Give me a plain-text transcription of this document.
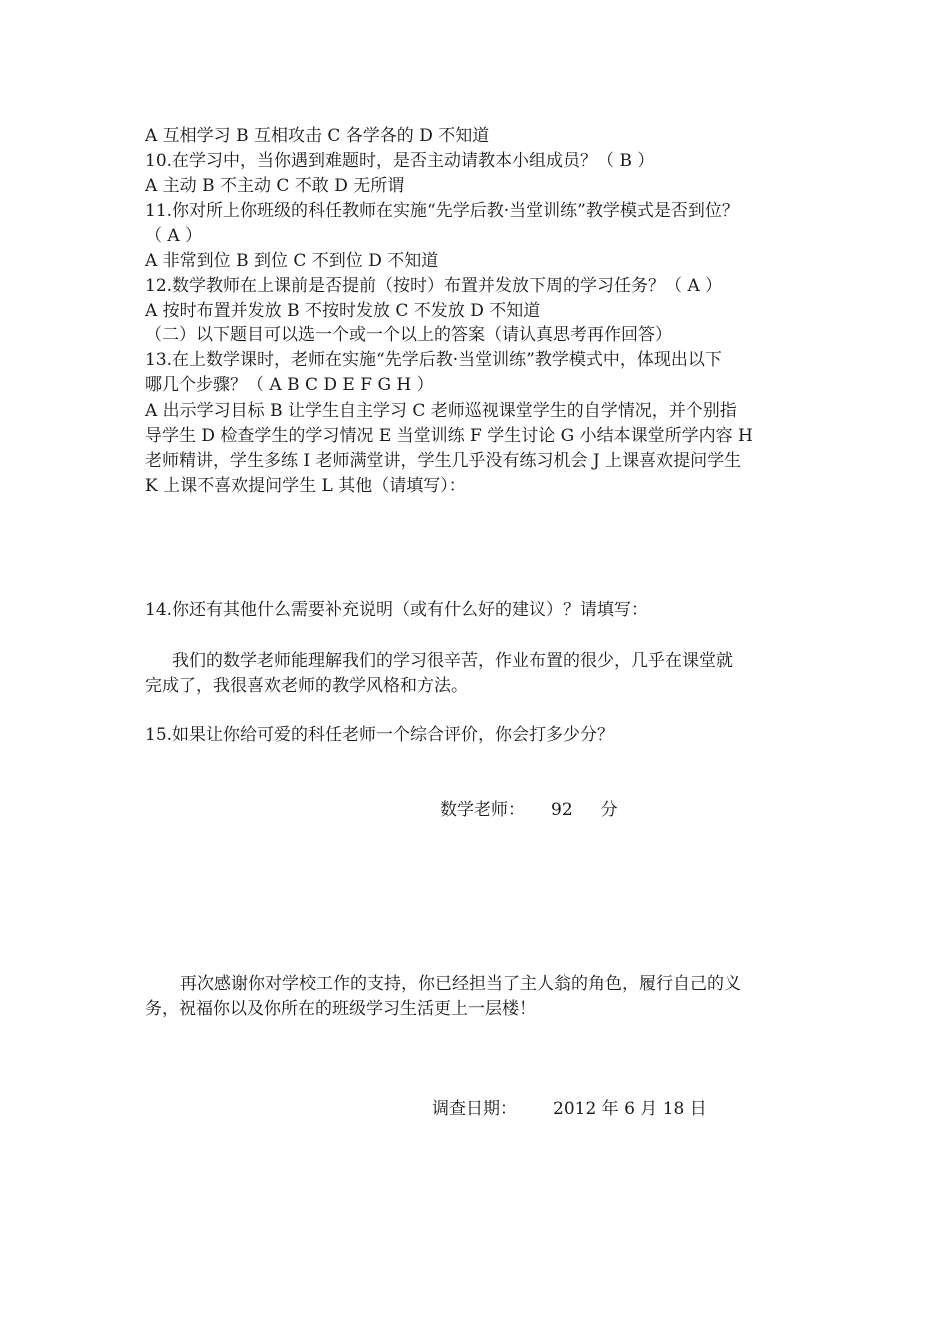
A 互相学习 B 互相攻击 C 各学各的 D 不知道
10.在学习中，当你遇到难题时，是否主动请教本小组成员？（ B ）
A 主动 B 不主动 C 不敢 D 无所谓
11.你对所上你班级的科任教师在实施“先学后教·当堂训练”教学模式是否到位？
（ A ）
A 非常到位 B 到位 C 不到位 D 不知道
12.数学教师在上课前是否提前（按时）布置并发放下周的学习任务？（ A ）
A 按时布置并发放 B 不按时发放 C 不发放 D 不知道
（二）以下题目可以选一个或一个以上的答案（请认真思考再作回答）
13.在上数学课时，老师在实施“先学后教·当堂训练”教学模式中，体现出以下
哪几个步骤？（ A B C D E F G H ）
A 出示学习目标 B 让学生自主学习 C 老师巡视课堂学生的自学情况，并个别指
导学生 D 检查学生的学习情况 E 当堂训练 F 学生讨论 G 小结本课堂所学内容 H
老师精讲，学生多练 I 老师满堂讲，学生几乎没有练习机会 J 上课喜欢提问学生
K 上课不喜欢提问学生 L 其他（请填写）：
14.你还有其他什么需要补充说明（或有什么好的建议）？请填写：
我们的数学老师能理解我们的学习很辛苦，作业布置的很少，几乎在课堂就
完成了，我很喜欢老师的教学风格和方法。
15.如果让你给可爱的科任老师一个综合评价，你会打多少分？
数学老师： 92 分
再次感谢你对学校工作的支持，你已经担当了主人翁的角色，履行自己的义
务，祝福你以及你所在的班级学习生活更上一层楼！
调查日期： 2012 年 6 月 18 日
